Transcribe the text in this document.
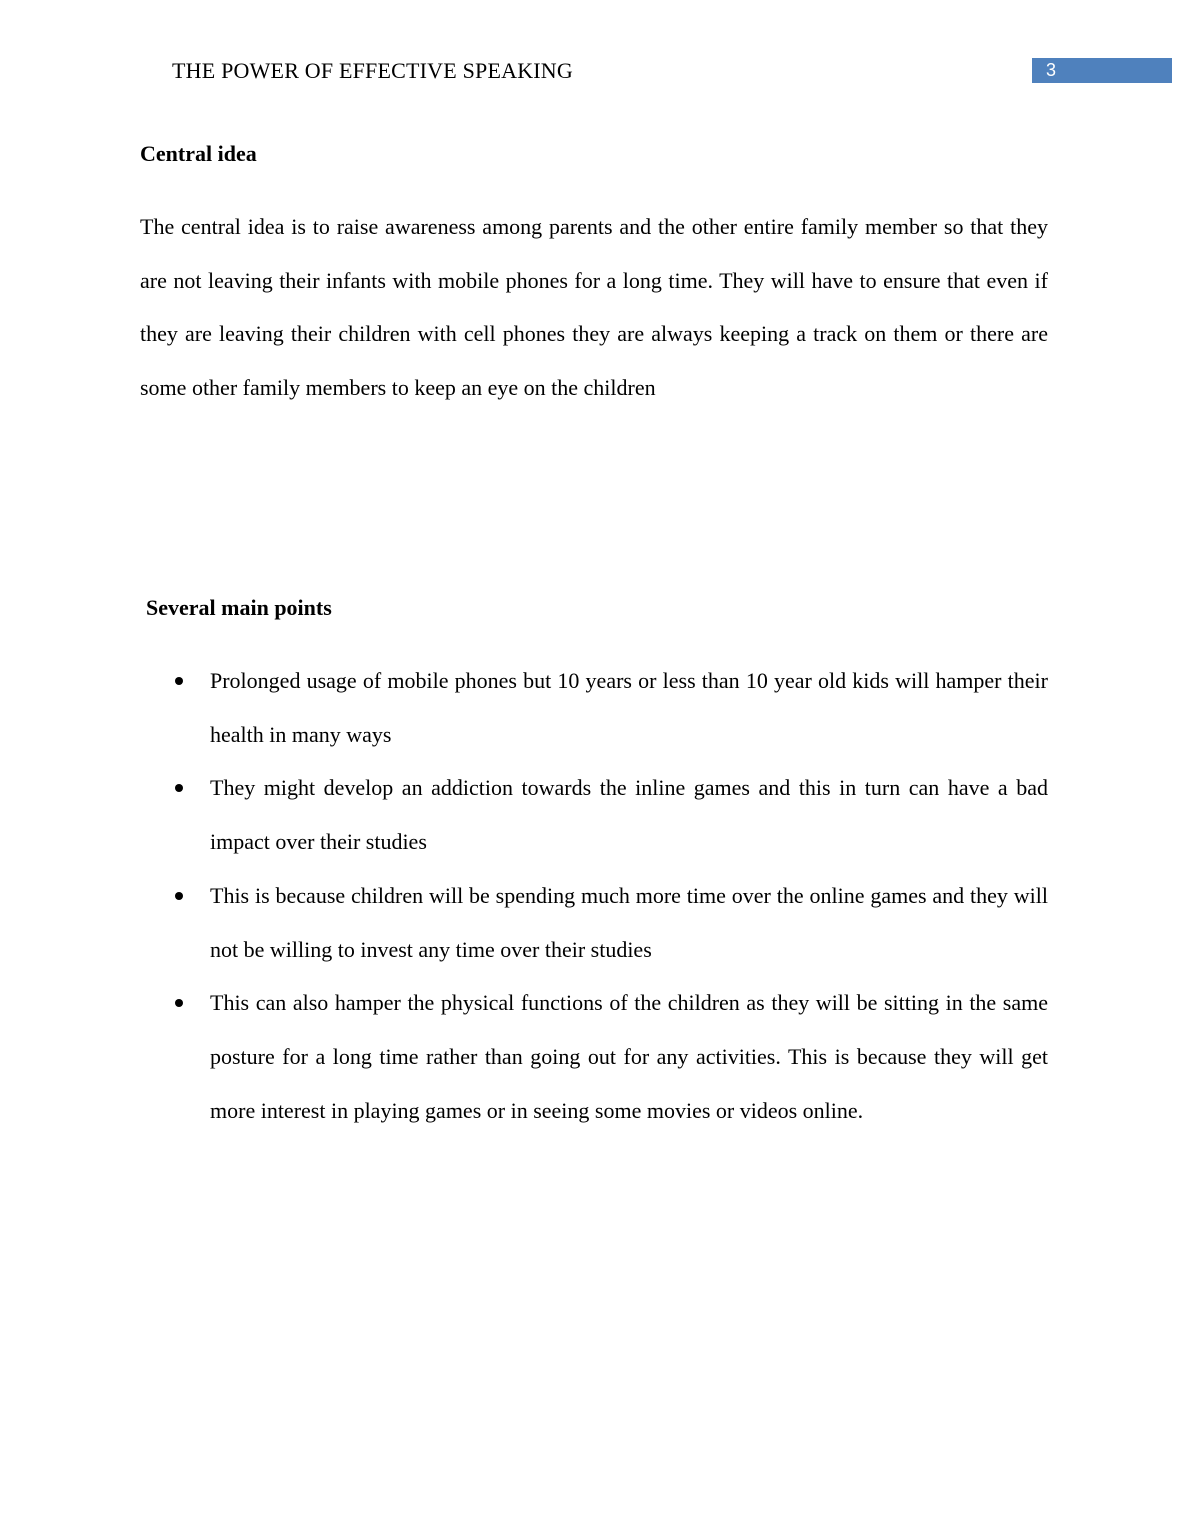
THE POWER OF EFFECTIVE SPEAKING	3
Central idea

The central idea is to raise awareness among parents and the other entire family member so that they are not leaving their infants with mobile phones for a long time. They will have to ensure that even if they are leaving their children with cell phones they are always keeping a track on them or there are some other family members to keep an eye on the children

Several main points
Prolonged usage of mobile phones but 10 years or less than 10 year old kids will hamper their health in many ways
They might develop an addiction towards the inline games and this in turn can have a bad impact over their studies
This is because children will be spending much more time over the online games and they will not be willing to invest any time over their studies
This can also hamper the physical functions of the children as they will be sitting in the same posture for a long time rather than going out for any activities. This is because they will get more interest in playing games or in seeing some movies or videos online.
